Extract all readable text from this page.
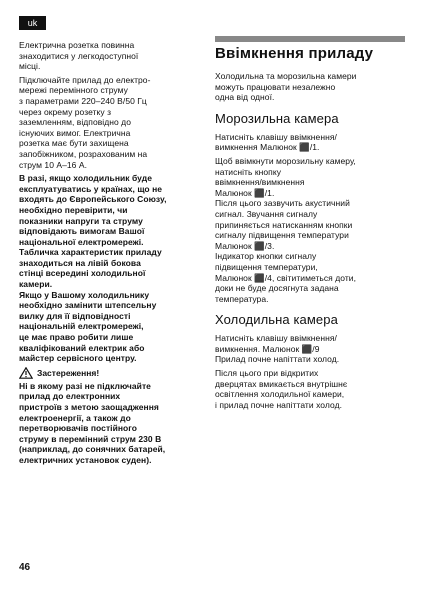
uk

Електрична розетка повинна
знаходитися у легкодоступної
місці.

Підключайте прилад до електро-
мережі перемінного струму
з параметрами 220–240 В/50 Гц
через окрему розетку з
заземленням, відповідно до
існуючих вимог. Електрична
розетка має бути захищена
запобіжником, розрахованим на
струм 10 А–16 А.

В разі, якщо холодильник буде
експлуатуватись у країнах, що не
входять до Європейського Союзу,
необхідно перевірити, чи
показники напруги та струму
відповідають вимогам Вашої
національної електромережі.
Табличка характеристик приладу
знаходиться на лівій бокова
стінці всередині холодильної
камери.
Якщо у Вашому холодильнику
необхідно замінити штепсельну
вилку для її відповідності
національній електромережі,
це має право робити лише
кваліфікований електрик або
майстер сервісного центру.

Застереження!

Ні в якому разі не підключайте
прилад до електронних
пристроїв з метою заощадження
електроенергії, а також до
перетворювачів постійного
струму в перемінний струм 230 В
(наприклад, до сонячних батарей,
електричних установок суден).

Ввімкнення приладу

Холодильна та морозильна камери
можуть працювати незалежно
одна від одної.

Морозильна камера

Натисніть клавішу ввімкнення/
вимкнення Малюнок ⬛/1.

Щоб ввімкнути морозильну камеру,
натисніть кнопку
ввімкнення/вимкнення
Малюнок ⬛/1.
Після цього зазвучить акустичний
сигнал. Звучання сигналу
припиняється натисканням кнопки
сигналу підвищення температури
Малюнок ⬛/3.
Індикатор кнопки сигналу
підвищення температури,
Малюнок ⬛/4, світитиметься доти,
доки не буде досягнута задана
температура.

Холодильна камера

Натисніть клавішу ввімкнення/
вимкнення. Малюнок ⬛/9
Прилад почне напіттати холод.

Після цього при відкритих
дверцятах вмикається внутрішнє
освітлення холодильної камери,
і прилад почне напіттати холод.

46
